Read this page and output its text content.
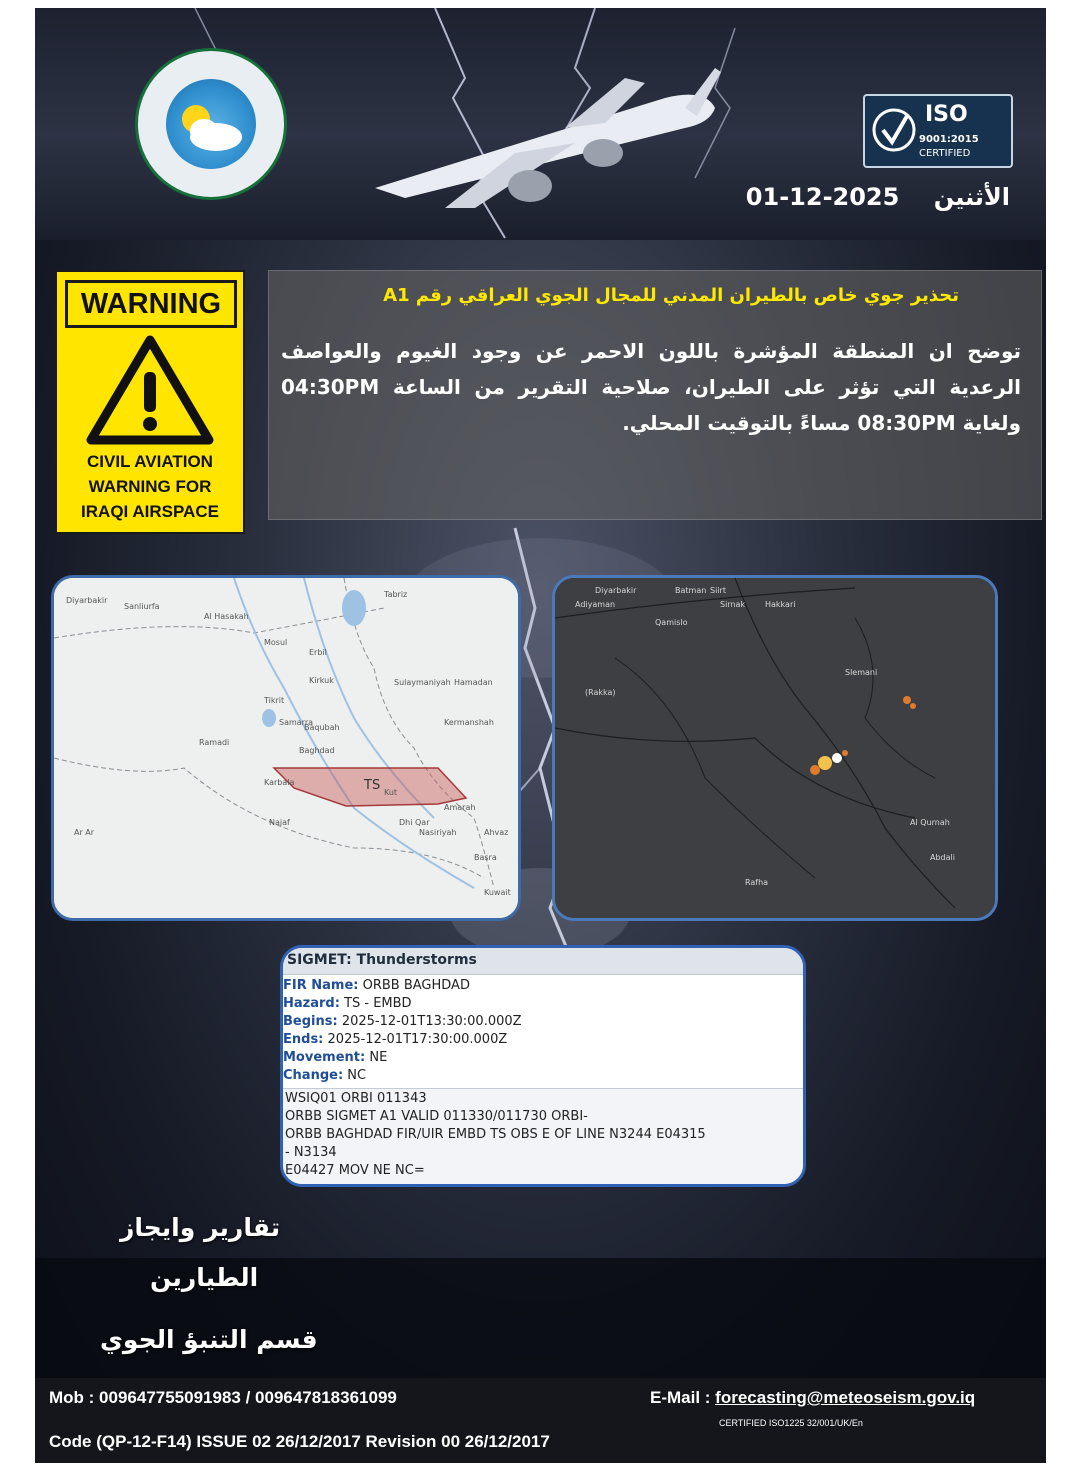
ISO
9001:2015
CERTIFIED
الأثنين 2025-12-01
WARNING
CIVIL AVIATION
WARNING FOR
IRAQI AIRSPACE
تحذير جوي خاص بالطيران المدني للمجال الجوي العراقي رقم A1
توضح ان المنطقة المؤشرة باللون الاحمر عن وجود الغيوم والعواصف الرعدية التي تؤثر على الطيران، صلاحية التقرير من الساعة 04:30PM ولغاية 08:30PM مساءً بالتوقيت المحلي.
TS
Diyarbakir
Sanliurfa
Al Hasakah
Mosul
Erbil
Tabriz
Kirkuk	Sulaymaniyah
Tikrit
Samarra
Baqubah
Baghdad
Ramadi
Karbala
Kut
Amarah
Najaf
Nasiriyah
Basra
Ar Ar
Kermanshah
Hamadan
Ahvaz
Kuwait
Dhi Qar
Diyarbakir	Batman Siirt
Adiyaman	Sirnak Hakkari
Qamislo
(Rakka)
Slemani
Abdali
Al Qurnah
Rafha
SIGMET: Thunderstorms
FIR Name: ORBB BAGHDAD
Hazard: TS - EMBD
Begins: 2025-12-01T13:30:00.000Z
Ends: 2025-12-01T17:30:00.000Z
Movement: NE
Change: NC
WSIQ01 ORBI 011343
ORBB SIGMET A1 VALID 011330/011730 ORBI-
ORBB BAGHDAD FIR/UIR EMBD TS OBS E OF LINE N3244 E04315
- N3134
E04427 MOV NE NC=
تقارير وايجاز
الطيارين
قسم التنبؤ الجوي
Mob : 009647755091983 / 009647818361099	E-Mail : forecasting@meteoseism.gov.iq
CERTIFIED ISO1225 32/001/UK/En
Code (QP-12-F14) ISSUE 02 26/12/2017 Revision 00 26/12/2017
